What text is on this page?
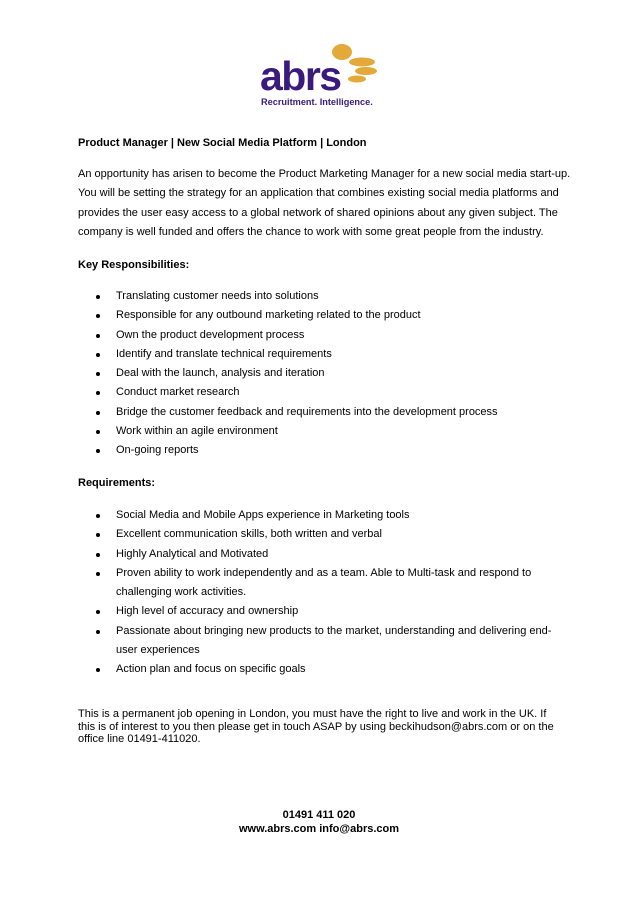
abrs
Recruitment. Intelligence.
Product Manager | New Social Media Platform | London

An opportunity has arisen to become the Product Marketing Manager for a new social media start-up.

You will be setting the strategy for an application that combines existing social media platforms and

provides the user easy access to a global network of shared opinions about any given subject. The

company is well funded and offers the chance to work with some great people from the industry.

Key Responsibilities:
Translating customer needs into solutions
Responsible for any outbound marketing related to the product
Own the product development process
Identify and translate technical requirements
Deal with the launch, analysis and iteration
Conduct market research
Bridge the customer feedback and requirements into the development process
Work within an agile environment
On-going reports
Requirements:
Social Media and Mobile Apps experience in Marketing tools
Excellent communication skills, both written and verbal
Highly Analytical and Motivated
Proven ability to work independently and as a team. Able to Multi-task and respond to challenging work activities.
High level of accuracy and ownership
Passionate about bringing new products to the market, understanding and delivering end-user experiences
Action plan and focus on specific goals
This is a permanent job opening in London, you must have the right to live and work in the UK. If this is of interest to you then please get in touch ASAP by using beckihudson@abrs.com or on the office line 01491-411020.
01491 411 020
www.abrs.com info@abrs.com
